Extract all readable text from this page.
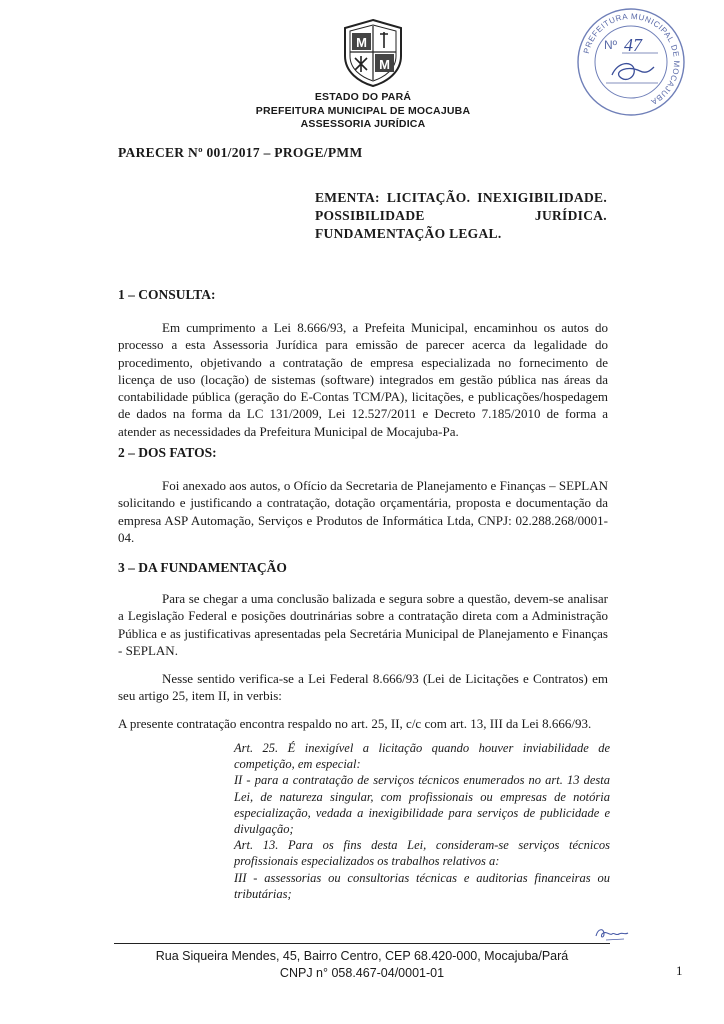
M
M
ESTADO DO PARÁ
PREFEITURA MUNICIPAL DE MOCAJUBA
ASSESSORIA JURÍDICA
PREFEITURA MUNICIPAL DE MOCAJUBA
Nº 47
PARECER Nº 001/2017 – PROGE/PMM
EMENTA: LICITAÇÃO. INEXIGIBILIDADE.
POSSIBILIDADE JURÍDICA.
FUNDAMENTAÇÃO LEGAL.
1 – CONSULTA:
Em cumprimento a Lei 8.666/93, a Prefeita Municipal, encaminhou os autos do processo a esta Assessoria Jurídica para emissão de parecer acerca da legalidade do procedimento, objetivando a contratação de empresa especializada no fornecimento de licença de uso (locação) de sistemas (software) integrados em gestão pública nas áreas da contabilidade pública (geração do E-Contas TCM/PA), licitações, e publicações/hospedagem de dados na forma da LC 131/2009, Lei 12.527/2011 e Decreto 7.185/2010 de forma a atender as necessidades da Prefeitura Municipal de Mocajuba-Pa.
2 – DOS FATOS:
Foi anexado aos autos, o Ofício da Secretaria de Planejamento e Finanças – SEPLAN solicitando e justificando a contratação, dotação orçamentária, proposta e documentação da empresa ASP Automação, Serviços e Produtos de Informática Ltda, CNPJ: 02.288.268/0001-04.
3 – DA FUNDAMENTAÇÃO
Para se chegar a uma conclusão balizada e segura sobre a questão, devem-se analisar a Legislação Federal e posições doutrinárias sobre a contratação direta com a Administração Pública e as justificativas apresentadas pela Secretária Municipal de Planejamento e Finanças - SEPLAN.
Nesse sentido verifica-se a Lei Federal 8.666/93 (Lei de Licitações e Contratos) em seu artigo 25, item II, in verbis:
A presente contratação encontra respaldo no art. 25, II, c/c com art. 13, III da Lei 8.666/93.

Art. 25. É inexigível a licitação quando houver inviabilidade de competição, em especial:

II - para a contratação de serviços técnicos enumerados no art. 13 desta Lei, de natureza singular, com profissionais ou empresas de notória especialização, vedada a inexigibilidade para serviços de publicidade e divulgação;

Art. 13. Para os fins desta Lei, consideram-se serviços técnicos profissionais especializados os trabalhos relativos a:

III - assessorias ou consultorias técnicas e auditorias financeiras ou tributárias;

Rua Siqueira Mendes, 45, Bairro Centro, CEP 68.420-000, Mocajuba/Pará
CNPJ n° 058.467-04/0001-01	1
